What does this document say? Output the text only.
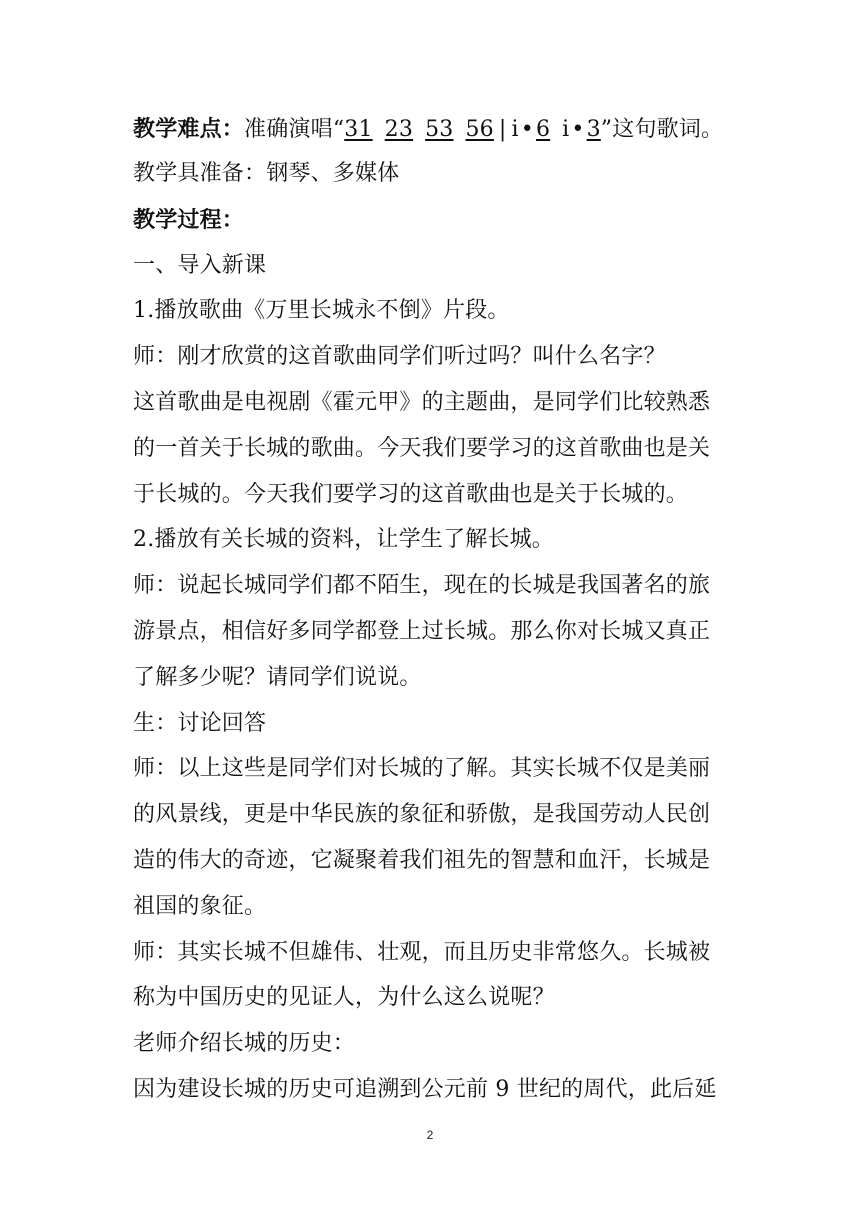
教学难点：准确演唱“31 23 53 56 | i•6 i•3”这句歌词。
教学具准备：钢琴、多媒体
教学过程：
一、导入新课
1.播放歌曲《万里长城永不倒》片段。
师：刚才欣赏的这首歌曲同学们听过吗？叫什么名字？
这首歌曲是电视剧《霍元甲》的主题曲，是同学们比较熟悉
的一首关于长城的歌曲。今天我们要学习的这首歌曲也是关
于长城的。今天我们要学习的这首歌曲也是关于长城的。
2.播放有关长城的资料，让学生了解长城。
师：说起长城同学们都不陌生，现在的长城是我国著名的旅
游景点，相信好多同学都登上过长城。那么你对长城又真正
了解多少呢？请同学们说说。
生：讨论回答
师：以上这些是同学们对长城的了解。其实长城不仅是美丽
的风景线，更是中华民族的象征和骄傲，是我国劳动人民创
造的伟大的奇迹，它凝聚着我们祖先的智慧和血汗，长城是
祖国的象征。
师：其实长城不但雄伟、壮观，而且历史非常悠久。长城被
称为中国历史的见证人，为什么这么说呢？
老师介绍长城的历史：
因为建设长城的历史可追溯到公元前 9 世纪的周代，此后延
2
